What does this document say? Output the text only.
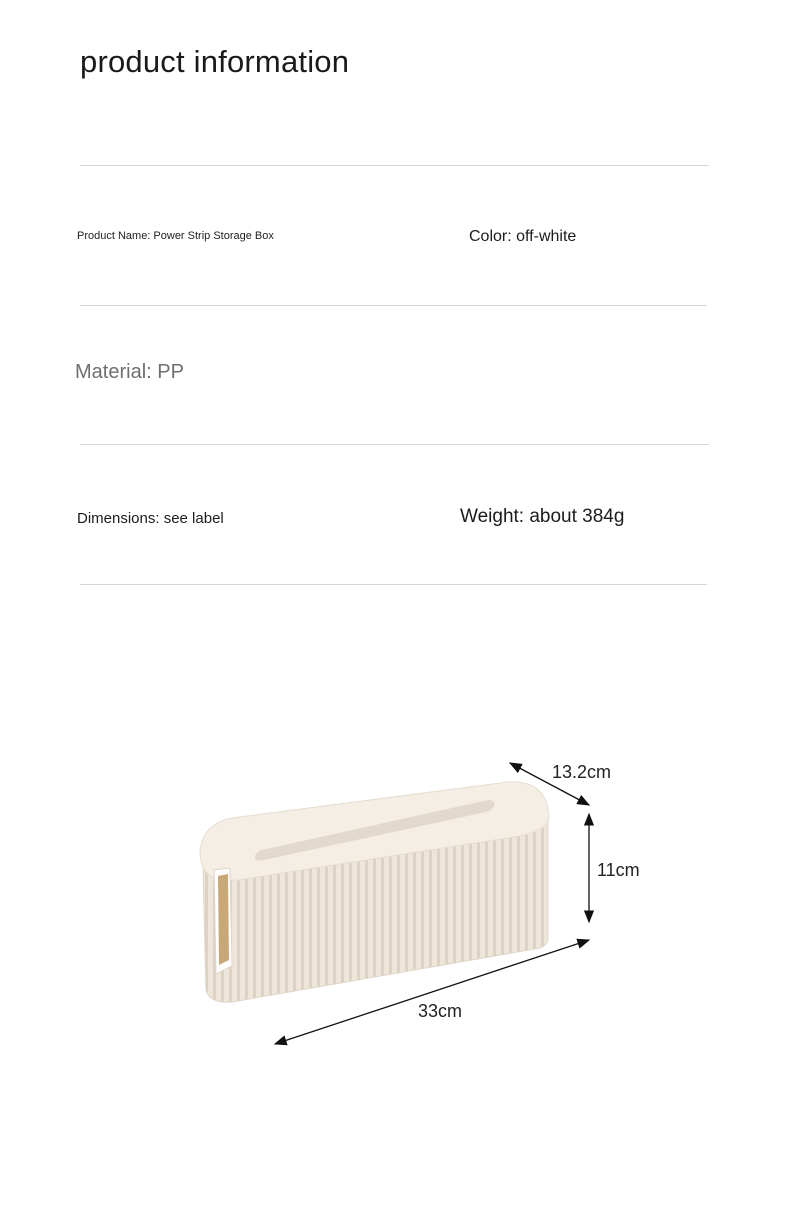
product information
Product Name: Power Strip Storage Box	Color: off-white
Material: PP
Dimensions: see label	Weight: about 384g
13.2cm
11cm
33cm
